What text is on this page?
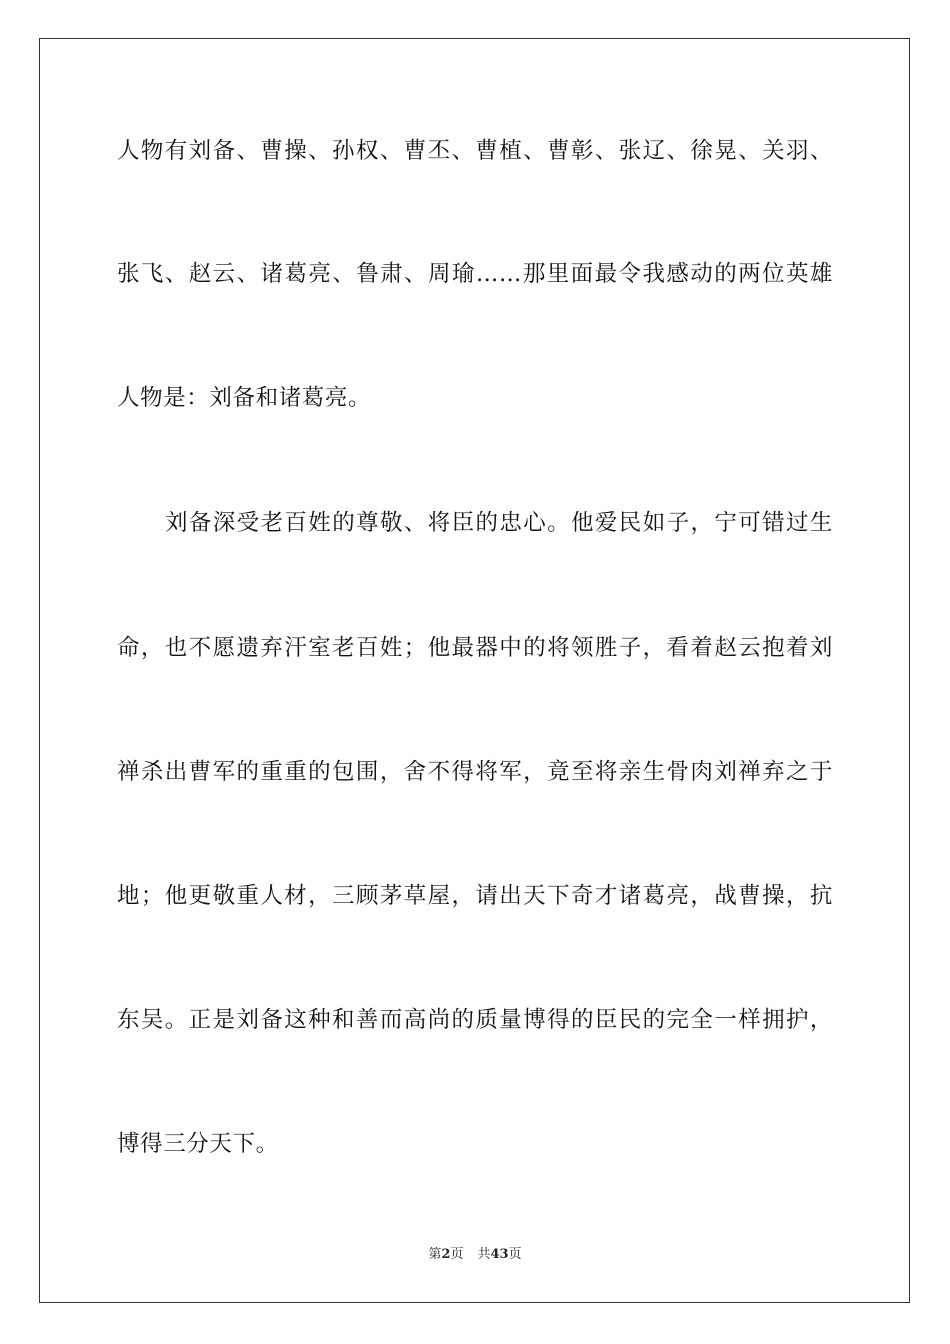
人物有刘备、曹操、孙权、曹丕、曹植、曹彰、张辽、徐晃、关羽、
张飞、赵云、诸葛亮、鲁肃、周瑜……那里面最令我感动的两位英雄
人物是：刘备和诸葛亮。
刘备深受老百姓的尊敬、将臣的忠心。他爱民如子，宁可错过生
命，也不愿遗弃汗室老百姓；他最器中的将领胜子，看着赵云抱着刘
禅杀出曹军的重重的包围，舍不得将军，竟至将亲生骨肉刘禅弃之于
地；他更敬重人材，三顾茅草屋，请出天下奇才诸葛亮，战曹操，抗
东吴。正是刘备这种和善而高尚的质量博得的臣民的完全一样拥护，
博得三分天下。
第2页 共43页
